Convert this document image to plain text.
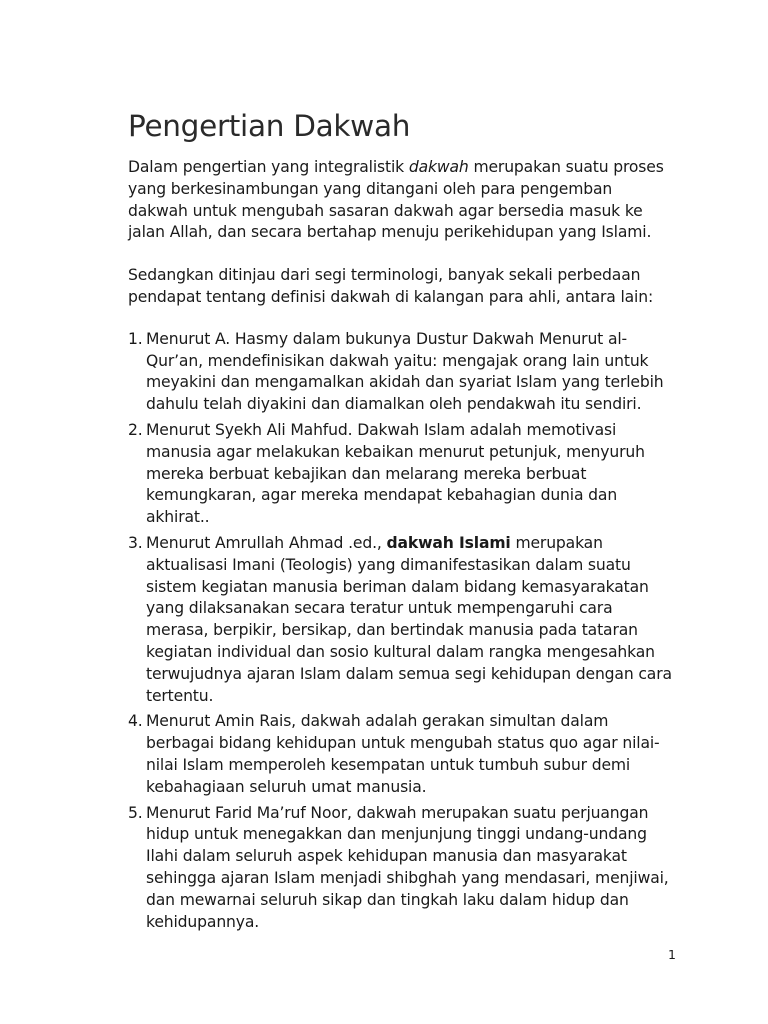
Pengertian Dakwah

Dalam pengertian yang integralistik dakwah merupakan suatu proses yang berkesinambungan yang ditangani oleh para pengemban dakwah untuk mengubah sasaran dakwah agar bersedia masuk ke jalan Allah, dan secara bertahap menuju perikehidupan yang Islami.

Sedangkan ditinjau dari segi terminologi, banyak sekali perbedaan pendapat tentang definisi dakwah di kalangan para ahli, antara lain:

1. Menurut A. Hasmy dalam bukunya Dustur Dakwah Menurut al-Qur’an, mendefinisikan dakwah yaitu: mengajak orang lain untuk meyakini dan mengamalkan akidah dan syariat Islam yang terlebih dahulu telah diyakini dan diamalkan oleh pendakwah itu sendiri.
2. Menurut Syekh Ali Mahfud. Dakwah Islam adalah memotivasi manusia agar melakukan kebaikan menurut petunjuk, menyuruh mereka berbuat kebajikan dan melarang mereka berbuat kemungkaran, agar mereka mendapat kebahagian dunia dan akhirat..
3. Menurut Amrullah Ahmad .ed., dakwah Islami merupakan aktualisasi Imani (Teologis) yang dimanifestasikan dalam suatu sistem kegiatan manusia beriman dalam bidang kemasyarakatan yang dilaksanakan secara teratur untuk mempengaruhi cara merasa, berpikir, bersikap, dan bertindak manusia pada tataran kegiatan individual dan sosio kultural dalam rangka mengesahkan terwujudnya ajaran Islam dalam semua segi kehidupan dengan cara tertentu.
4. Menurut Amin Rais, dakwah adalah gerakan simultan dalam berbagai bidang kehidupan untuk mengubah status quo agar nilai-nilai Islam memperoleh kesempatan untuk tumbuh subur demi kebahagiaan seluruh umat manusia.
5. Menurut Farid Ma’ruf Noor, dakwah merupakan suatu perjuangan hidup untuk menegakkan dan menjunjung tinggi undang-undang Ilahi dalam seluruh aspek kehidupan manusia dan masyarakat sehingga ajaran Islam menjadi shibghah yang mendasari, menjiwai, dan mewarnai seluruh sikap dan tingkah laku dalam hidup dan kehidupannya.
1
